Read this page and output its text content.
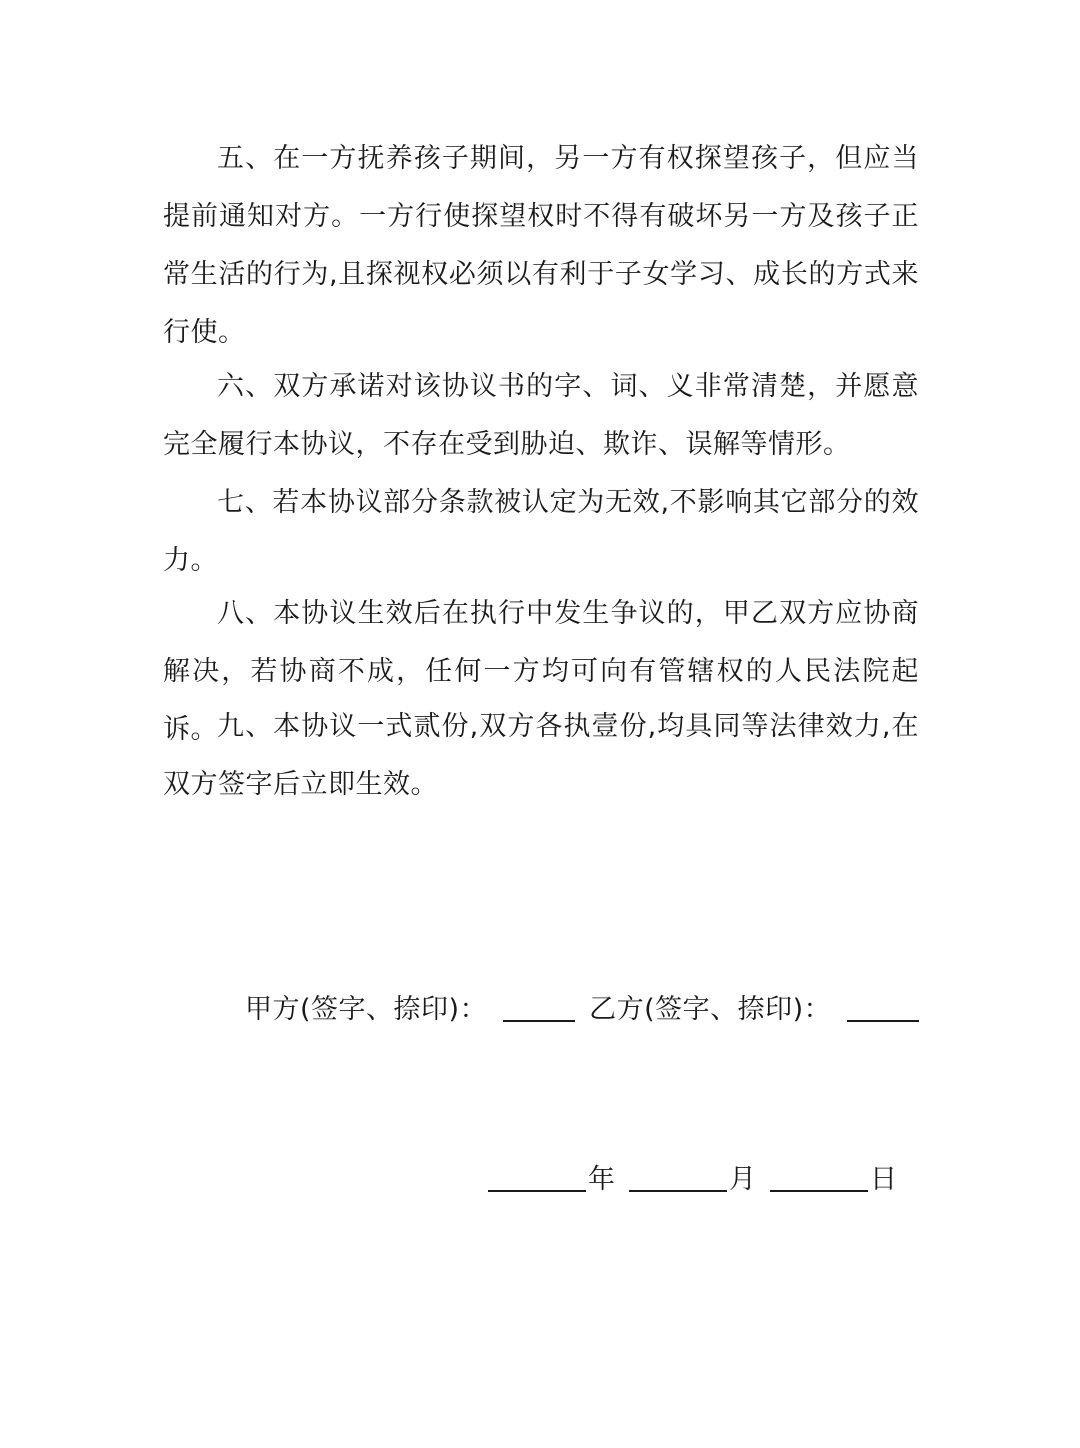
五、在一方抚养孩子期间，另一方有权探望孩子，但应当提前通知对方。一方行使探望权时不得有破坏另一方及孩子正常生活的行为,且探视权必须以有利于子女学习、成长的方式来行使。

六、双方承诺对该协议书的字、词、义非常清楚，并愿意完全履行本协议，不存在受到胁迫、欺诈、误解等情形。

七、若本协议部分条款被认定为无效,不影响其它部分的效力。

八、本协议生效后在执行中发生争议的，甲乙双方应协商解决，若协商不成，任何一方均可向有管辖权的人民法院起诉。 九、本协议一式贰份,双方各执壹份,均具同等法律效力,在双方签字后立即生效。

甲方(签字、捺印)：	乙方(签字、捺印)：
年	月	日
